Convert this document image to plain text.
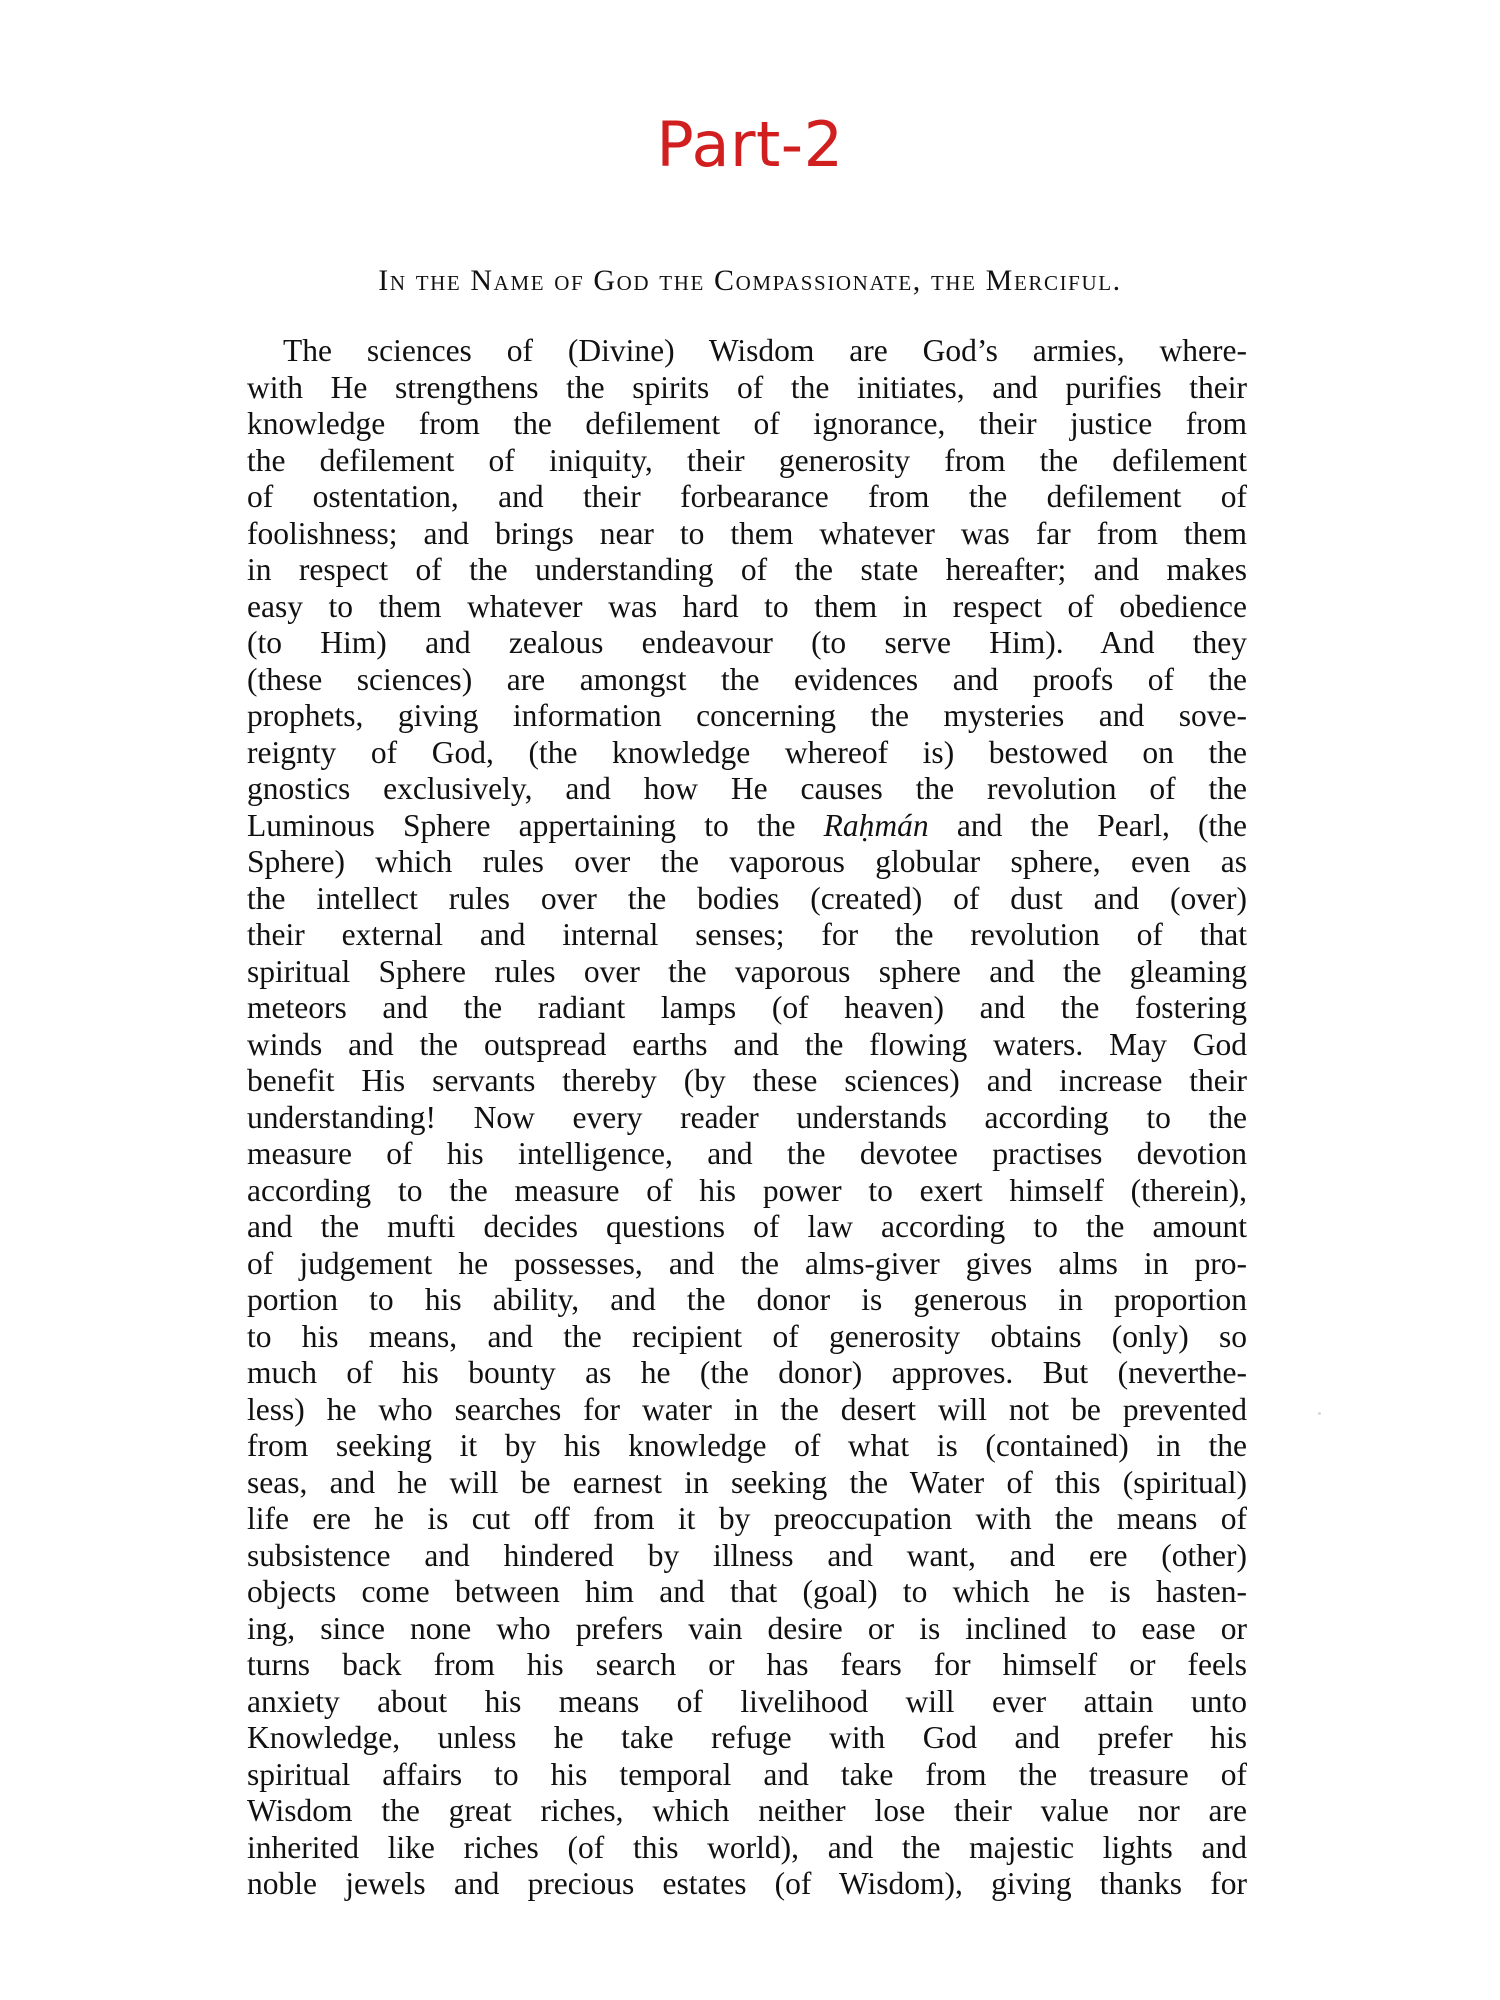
Part-2
In the Name of God the Compassionate, the Merciful.
The sciences of (Divine) Wisdom are God’s armies, where-
with He strengthens the spirits of the initiates, and purifies their
knowledge from the defilement of ignorance, their justice from
the defilement of iniquity, their generosity from the defilement
of ostentation, and their forbearance from the defilement of
foolishness; and brings near to them whatever was far from them
in respect of the understanding of the state hereafter; and makes
easy to them whatever was hard to them in respect of obedience
(to Him) and zealous endeavour (to serve Him). And they
(these sciences) are amongst the evidences and proofs of the
prophets, giving information concerning the mysteries and sove-
reignty of God, (the knowledge whereof is) bestowed on the
gnostics exclusively, and how He causes the revolution of the
Luminous Sphere appertaining to the Raḥmán and the Pearl, (the
Sphere) which rules over the vaporous globular sphere, even as
the intellect rules over the bodies (created) of dust and (over)
their external and internal senses; for the revolution of that
spiritual Sphere rules over the vaporous sphere and the gleaming
meteors and the radiant lamps (of heaven) and the fostering
winds and the outspread earths and the flowing waters. May God
benefit His servants thereby (by these sciences) and increase their
understanding! Now every reader understands according to the
measure of his intelligence, and the devotee practises devotion
according to the measure of his power to exert himself (therein),
and the mufti decides questions of law according to the amount
of judgement he possesses, and the alms-giver gives alms in pro-
portion to his ability, and the donor is generous in proportion
to his means, and the recipient of generosity obtains (only) so
much of his bounty as he (the donor) approves. But (neverthe-
less) he who searches for water in the desert will not be prevented
from seeking it by his knowledge of what is (contained) in the
seas, and he will be earnest in seeking the Water of this (spiritual)
life ere he is cut off from it by preoccupation with the means of
subsistence and hindered by illness and want, and ere (other)
objects come between him and that (goal) to which he is hasten-
ing, since none who prefers vain desire or is inclined to ease or
turns back from his search or has fears for himself or feels
anxiety about his means of livelihood will ever attain unto
Knowledge, unless he take refuge with God and prefer his
spiritual affairs to his temporal and take from the treasure of
Wisdom the great riches, which neither lose their value nor are
inherited like riches (of this world), and the majestic lights and
noble jewels and precious estates (of Wisdom), giving thanks for
